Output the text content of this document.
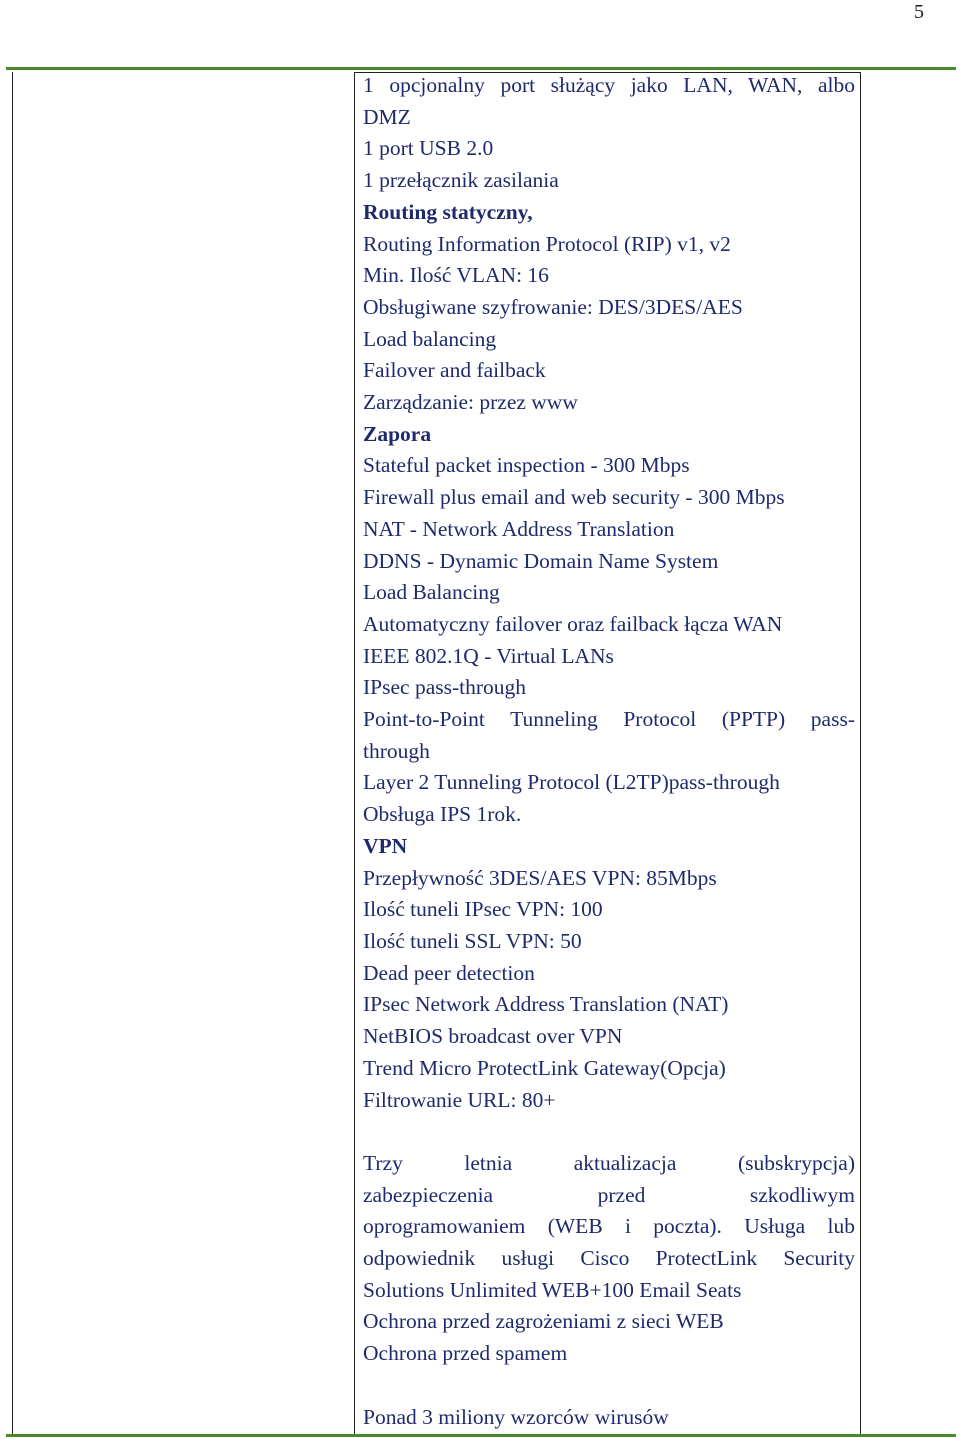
5
1 opcjonalny port służący jako LAN, WAN, albo
DMZ
1 port USB 2.0
1 przełącznik zasilania
Routing statyczny,
Routing Information Protocol (RIP) v1, v2
Min. Ilość VLAN: 16
Obsługiwane szyfrowanie: DES/3DES/AES
Load balancing
Failover and failback
Zarządzanie: przez www
Zapora
Stateful packet inspection - 300 Mbps
Firewall plus email and web security - 300 Mbps
NAT - Network Address Translation
DDNS - Dynamic Domain Name System
Load Balancing
Automatyczny failover oraz failback łącza WAN
IEEE 802.1Q - Virtual LANs
IPsec pass-through
Point-to-Point Tunneling Protocol (PPTP) pass-
through
Layer 2 Tunneling Protocol (L2TP)pass-through
Obsługa IPS 1rok.
VPN
Przepływność 3DES/AES VPN: 85Mbps
Ilość tuneli IPsec VPN: 100
Ilość tuneli SSL VPN: 50
Dead peer detection
IPsec Network Address Translation (NAT)
NetBIOS broadcast over VPN
Trend Micro ProtectLink Gateway(Opcja)
Filtrowanie URL: 80+
Trzy letnia aktualizacja (subskrypcja)
zabezpieczenia przed szkodliwym
oprogramowaniem (WEB i poczta). Usługa lub
odpowiednik usługi Cisco ProtectLink Security
Solutions Unlimited WEB+100 Email Seats
Ochrona przed zagrożeniami z sieci WEB
Ochrona przed spamem
Ponad 3 miliony wzorców wirusów
